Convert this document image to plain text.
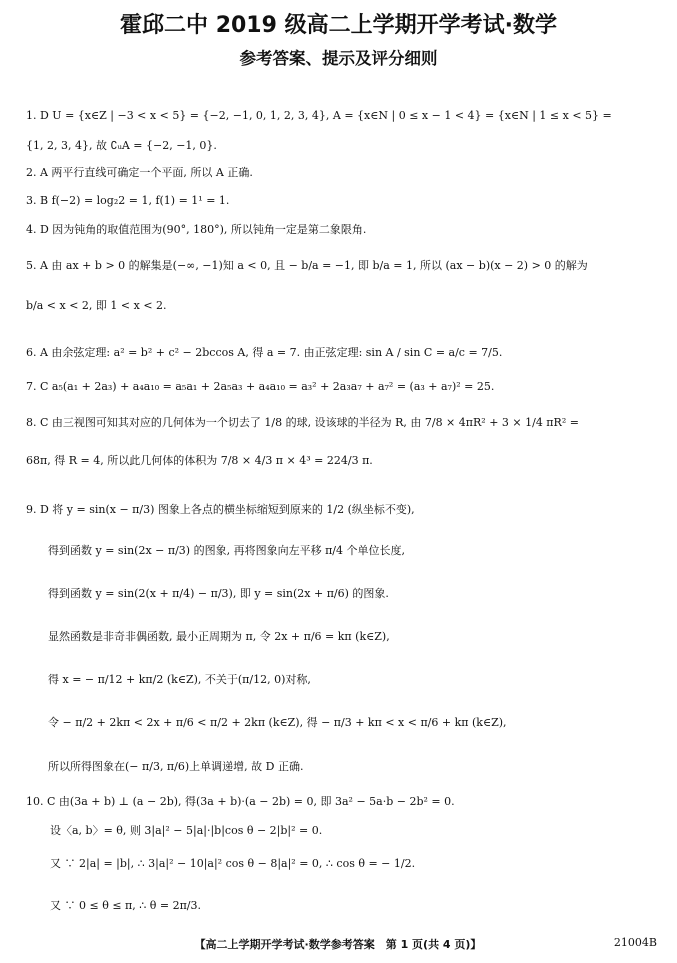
霍邱二中 2019 级高二上学期开学考试·数学
参考答案、提示及评分细则
1. D U = {x∈Z | −3 < x < 5} = {−2, −1, 0, 1, 2, 3, 4}, A = {x∈N | 0 ≤ x − 1 < 4} = {x∈N | 1 ≤ x < 5} =
{1, 2, 3, 4}, 故 ∁ᵤA = {−2, −1, 0}.
2. A 两平行直线可确定一个平面, 所以 A 正确.
3. B f(−2) = log₂2 = 1, f(1) = 1¹ = 1.
4. D 因为钝角的取值范围为(90°, 180°), 所以钝角一定是第二象限角.
5. A 由 ax + b > 0 的解集是(−∞, −1)知 a < 0, 且 − b/a = −1, 即 b/a = 1, 所以 (ax − b)(x − 2) > 0 的解为
b/a < x < 2, 即 1 < x < 2.
6. A 由余弦定理: a² = b² + c² − 2bccos A, 得 a = 7. 由正弦定理: sin A / sin C = a/c = 7/5.
7. C a₅(a₁ + 2a₃) + a₄a₁₀ = a₅a₁ + 2a₅a₃ + a₄a₁₀ = a₃² + 2a₃a₇ + a₇² = (a₃ + a₇)² = 25.
8. C 由三视图可知其对应的几何体为一个切去了 1/8 的球, 设该球的半径为 R, 由 7/8 × 4πR² + 3 × 1/4 πR² =
68π, 得 R = 4, 所以此几何体的体积为 7/8 × 4/3 π × 4³ = 224/3 π.
9. D 将 y = sin(x − π/3) 图象上各点的横坐标缩短到原来的 1/2 (纵坐标不变),
得到函数 y = sin(2x − π/3) 的图象, 再将图象向左平移 π/4 个单位长度,
得到函数 y = sin(2(x + π/4) − π/3), 即 y = sin(2x + π/6) 的图象.
显然函数是非奇非偶函数, 最小正周期为 π, 令 2x + π/6 = kπ (k∈Z),
得 x = − π/12 + kπ/2 (k∈Z), 不关于(π/12, 0)对称,
令 − π/2 + 2kπ < 2x + π/6 < π/2 + 2kπ (k∈Z), 得 − π/3 + kπ < x < π/6 + kπ (k∈Z),
所以所得图象在(− π/3, π/6)上单调递增, 故 D 正确.
10. C 由(3a + b) ⊥ (a − 2b), 得(3a + b)·(a − 2b) = 0, 即 3a² − 5a·b − 2b² = 0.
设〈a, b〉= θ, 则 3|a|² − 5|a|·|b|cos θ − 2|b|² = 0.
又 ∵ 2|a| = |b|, ∴ 3|a|² − 10|a|² cos θ − 8|a|² = 0, ∴ cos θ = − 1/2.
又 ∵ 0 ≤ θ ≤ π, ∴ θ = 2π/3.
【高二上学期开学考试·数学参考答案　第 1 页(共 4 页)】	21004B
